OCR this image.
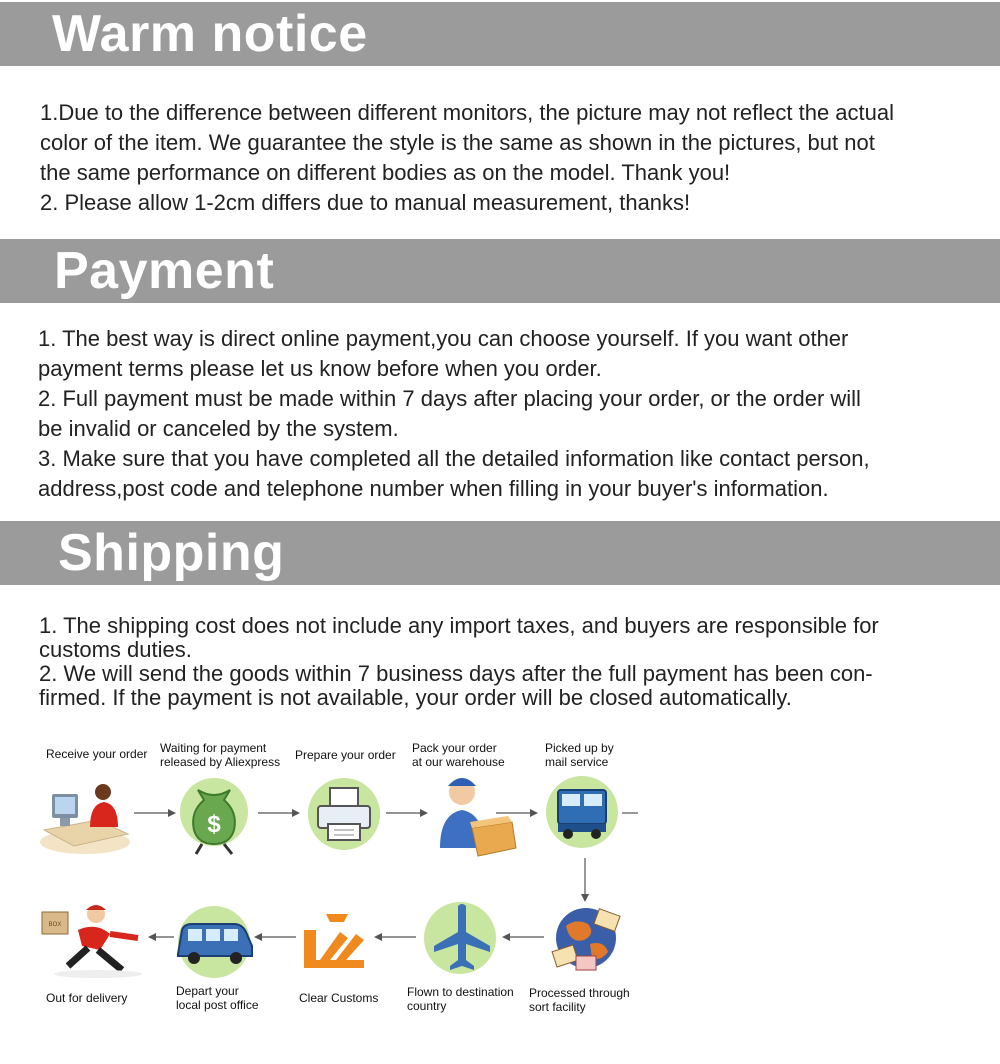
Warm notice

1.Due to the difference between different monitors, the picture may not reflect the actual

color of the item. We guarantee the style is the same as shown in the pictures, but not

the same performance on different bodies as on the model. Thank you!

2. Please allow 1-2cm differs due to manual measurement, thanks!

Payment

1. The best way is direct online payment,you can choose yourself. If you want other

payment terms please let us know before when you order.

2. Full payment must be made within 7 days after placing your order, or the order will

be invalid or canceled by the system.

3. Make sure that you have completed all the detailed information like contact person,

address,post code and telephone number when filling in your buyer's information.

Shipping

1. The shipping cost does not include any import taxes, and buyers are responsible for

customs duties.

2. We will send the goods within 7 business days after the full payment has been con-

firmed. If the payment is not available, your order will be closed automatically.

Receive your order Waiting for payment
released by Aliexpress Prepare your order Pack your order
at our warehouse
Picked up by
mail service
$
BOX
Out for delivery	Depart your
local post office	Clear Customs Flown to destination
country
Processed through
sort facility
